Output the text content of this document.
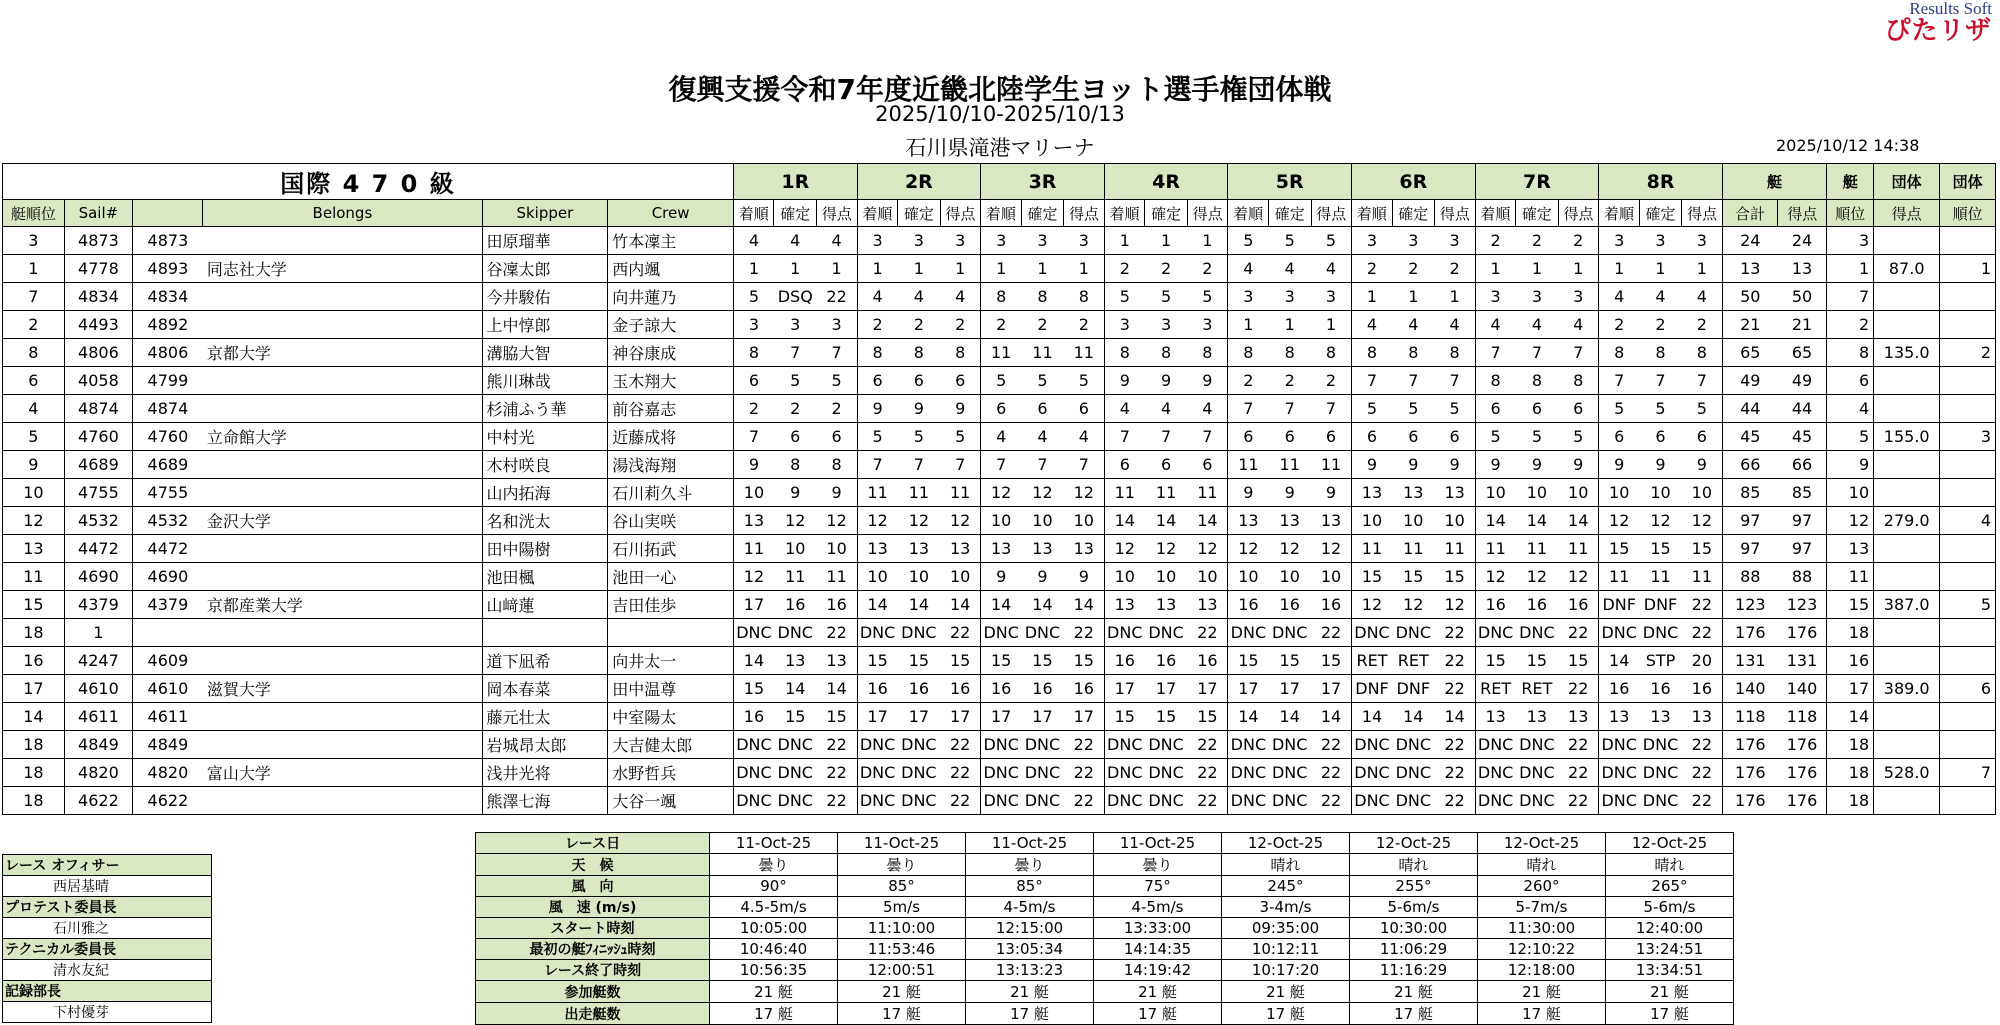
Results Soft
ぴたリザ
復興支援令和7年度近畿北陸学生ヨット選手権団体戦
2025/10/10-2025/10/13
石川県滝港マリーナ	2025/10/12 14:38
国際 4 7 0 級						1R			2R			3R			4R			5R			6R			7R			8R			艇		艇	団体	団体
艇順位	Sail#		Belongs	Skipper	Crew	着順	確定	得点	着順	確定	得点	着順	確定	得点	着順	確定	得点	着順	確定	得点	着順	確定	得点	着順	確定	得点	着順	確定	得点	合計	得点	順位	得点	順位
3	4873	4873		田原瑠華	竹本凜主	4	4	4	3	3	3	3	3	3	1	1	1	5	5	5	3	3	3	2	2	2	3	3	3	24	24	3		
1	4778	4893	同志社大学	谷凜太郎	西内颯	1	1	1	1	1	1	1	1	1	2	2	2	4	4	4	2	2	2	1	1	1	1	1	1	13	13	1	87.0	1
7	4834	4834		今井駿佑	向井蓮乃	5	DSQ	22	4	4	4	8	8	8	5	5	5	3	3	3	1	1	1	3	3	3	4	4	4	50	50	7		
2	4493	4892		上中惇郎	金子諒大	3	3	3	2	2	2	2	2	2	3	3	3	1	1	1	4	4	4	4	4	4	2	2	2	21	21	2		
8	4806	4806	京都大学	溝脇大智	神谷康成	8	7	7	8	8	8	11	11	11	8	8	8	8	8	8	8	8	8	7	7	7	8	8	8	65	65	8	135.0	2
6	4058	4799		熊川琳哉	玉木翔大	6	5	5	6	6	6	5	5	5	9	9	9	2	2	2	7	7	7	8	8	8	7	7	7	49	49	6		
4	4874	4874		杉浦ふう華	前谷嘉志	2	2	2	9	9	9	6	6	6	4	4	4	7	7	7	5	5	5	6	6	6	5	5	5	44	44	4		
5	4760	4760	立命館大学	中村光	近藤成将	7	6	6	5	5	5	4	4	4	7	7	7	6	6	6	6	6	6	5	5	5	6	6	6	45	45	5	155.0	3
9	4689	4689		木村咲良	湯浅海翔	9	8	8	7	7	7	7	7	7	6	6	6	11	11	11	9	9	9	9	9	9	9	9	9	66	66	9		
10	4755	4755		山内拓海	石川莉久斗	10	9	9	11	11	11	12	12	12	11	11	11	9	9	9	13	13	13	10	10	10	10	10	10	85	85	10		
12	4532	4532	金沢大学	名和洸太	谷山実咲	13	12	12	12	12	12	10	10	10	14	14	14	13	13	13	10	10	10	14	14	14	12	12	12	97	97	12	279.0	4
13	4472	4472		田中陽樹	石川拓武	11	10	10	13	13	13	13	13	13	12	12	12	12	12	12	11	11	11	11	11	11	15	15	15	97	97	13		
11	4690	4690		池田楓	池田一心	12	11	11	10	10	10	9	9	9	10	10	10	10	10	10	15	15	15	12	12	12	11	11	11	88	88	11		
15	4379	4379	京都産業大学	山﨑蓮	吉田佳歩	17	16	16	14	14	14	14	14	14	13	13	13	16	16	16	12	12	12	16	16	16	DNF	DNF	22	123	123	15	387.0	5
18	1					DNC	DNC	22	DNC	DNC	22	DNC	DNC	22	DNC	DNC	22	DNC	DNC	22	DNC	DNC	22	DNC	DNC	22	DNC	DNC	22	176	176	18		
16	4247	4609		道下凪希	向井太一	14	13	13	15	15	15	15	15	15	16	16	16	15	15	15	RET	RET	22	15	15	15	14	STP	20	131	131	16		
17	4610	4610	滋賀大学	岡本春菜	田中温尊	15	14	14	16	16	16	16	16	16	17	17	17	17	17	17	DNF	DNF	22	RET	RET	22	16	16	16	140	140	17	389.0	6
14	4611	4611		藤元壮太	中室陽太	16	15	15	17	17	17	17	17	17	15	15	15	14	14	14	14	14	14	13	13	13	13	13	13	118	118	14		
18	4849	4849		岩城昂太郎	大吉健太郎	DNC	DNC	22	DNC	DNC	22	DNC	DNC	22	DNC	DNC	22	DNC	DNC	22	DNC	DNC	22	DNC	DNC	22	DNC	DNC	22	176	176	18		
18	4820	4820	富山大学	浅井光将	水野哲兵	DNC	DNC	22	DNC	DNC	22	DNC	DNC	22	DNC	DNC	22	DNC	DNC	22	DNC	DNC	22	DNC	DNC	22	DNC	DNC	22	176	176	18	528.0	7
18	4622	4622		熊澤七海	大谷一颯	DNC	DNC	22	DNC	DNC	22	DNC	DNC	22	DNC	DNC	22	DNC	DNC	22	DNC	DNC	22	DNC	DNC	22	DNC	DNC	22	176	176	18		
レース オフィサー
西居基晴
プロテスト委員長
石川雅之
テクニカル委員長
清水友紀
記録部長
下村優芽
レース日	11-Oct-25	11-Oct-25	11-Oct-25	11-Oct-25	12-Oct-25	12-Oct-25	12-Oct-25	12-Oct-25
天　候	曇り	曇り	曇り	曇り	晴れ	晴れ	晴れ	晴れ
風　向	90°	85°	85°	75°	245°	255°	260°	265°
風　速 (m/s)	4.5-5m/s	5m/s	4-5m/s	4-5m/s	3-4m/s	5-6m/s	5-7m/s	5-6m/s
スタート時刻	10:05:00	11:10:00	12:15:00	13:33:00	09:35:00	10:30:00	11:30:00	12:40:00
最初の艇ﾌｨﾆｯｼｭ時刻	10:46:40	11:53:46	13:05:34	14:14:35	10:12:11	11:06:29	12:10:22	13:24:51
レース終了時刻	10:56:35	12:00:51	13:13:23	14:19:42	10:17:20	11:16:29	12:18:00	13:34:51
参加艇数	21 艇	21 艇	21 艇	21 艇	21 艇	21 艇	21 艇	21 艇
出走艇数	17 艇	17 艇	17 艇	17 艇	17 艇	17 艇	17 艇	17 艇
